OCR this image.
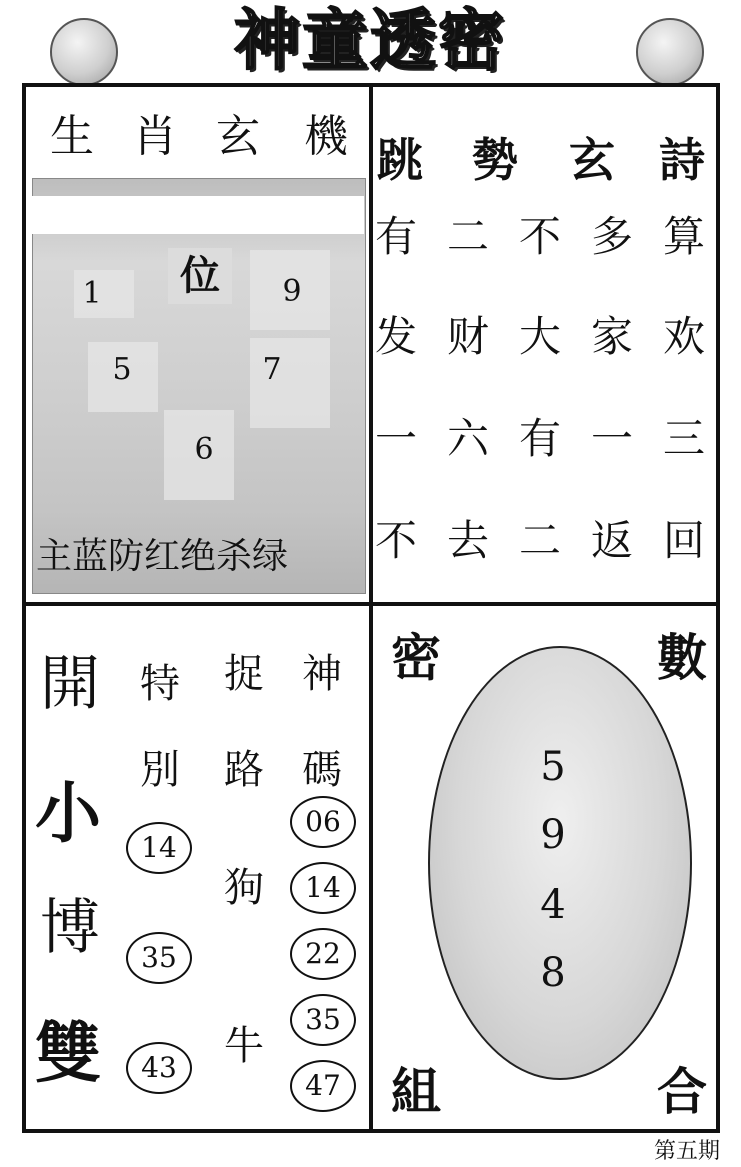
神童透密
生 肖 玄 機
位
1	9
5	7
6
主蓝防红绝杀绿
跳 勢 玄 詩
有 二 不 多 算
发 财 大 家 欢
一 六 有 一 三
不 去 二 返 回
開
小
博
雙
特
別
捉
路
神
碼
14
35
43
狗
牛
06
14
22
35
47
密	數
組	合
5
9
4
8
第五期
